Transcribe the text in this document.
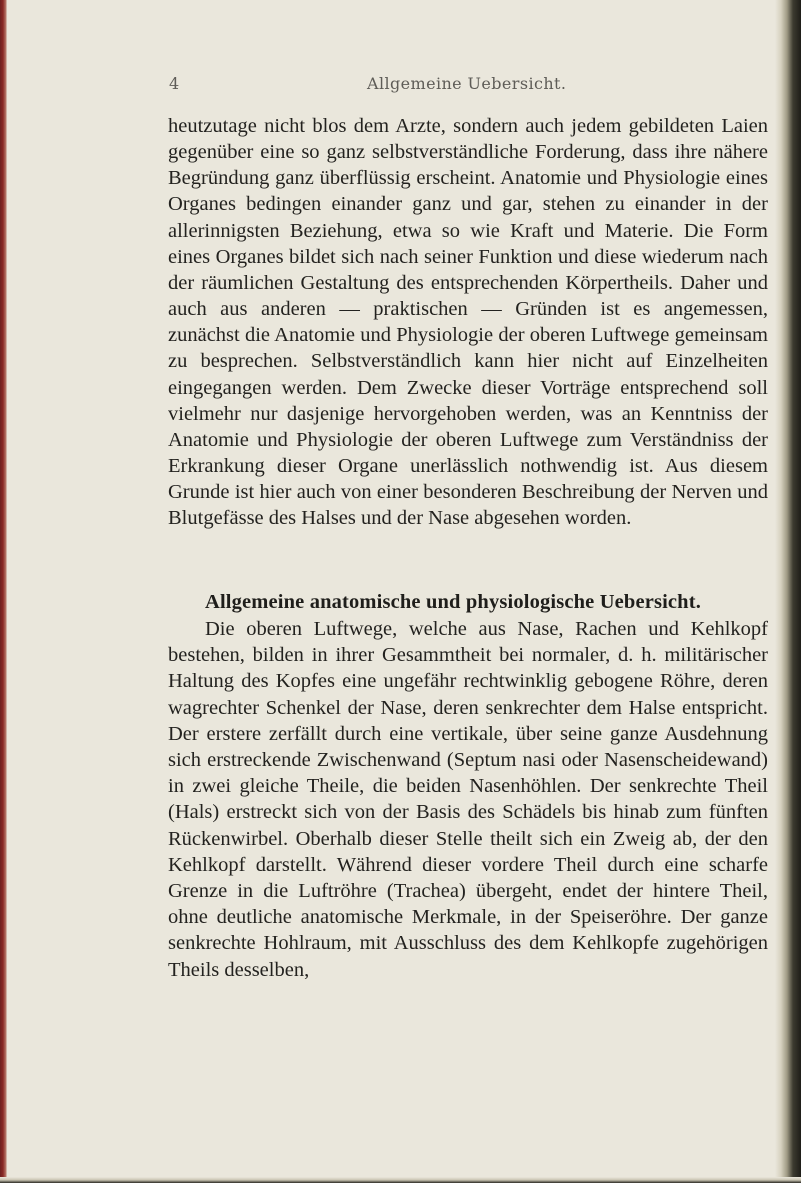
4	Allgemeine Uebersicht.

heutzutage nicht blos dem Arzte, sondern auch jedem gebildeten Laien gegenüber eine so ganz selbstverständliche Forderung, dass ihre nähere Begründung ganz überflüssig erscheint. Anatomie und Physiologie eines Organes bedingen einander ganz und gar, stehen zu einander in der allerinnigsten Beziehung, etwa so wie Kraft und Materie. Die Form eines Organes bildet sich nach seiner Funktion und diese wiederum nach der räumlichen Gestaltung des entsprechenden Körpertheils. Daher und auch aus anderen — praktischen — Gründen ist es angemessen, zunächst die Anatomie und Physiologie der oberen Luftwege gemeinsam zu besprechen. Selbstverständlich kann hier nicht auf Einzelheiten eingegangen werden. Dem Zwecke dieser Vorträge entsprechend soll vielmehr nur dasjenige hervorgehoben werden, was an Kenntniss der Anatomie und Physiologie der oberen Luftwege zum Verständniss der Erkrankung dieser Organe unerlässlich nothwendig ist. Aus diesem Grunde ist hier auch von einer besonderen Beschreibung der Nerven und Blutgefässe des Halses und der Nase abgesehen worden.

Allgemeine anatomische und physiologische Uebersicht.

Die oberen Luftwege, welche aus Nase, Rachen und Kehlkopf bestehen, bilden in ihrer Gesammtheit bei normaler, d. h. militärischer Haltung des Kopfes eine ungefähr rechtwinklig gebogene Röhre, deren wagrechter Schenkel der Nase, deren senkrechter dem Halse entspricht. Der erstere zerfällt durch eine vertikale, über seine ganze Ausdehnung sich erstreckende Zwischenwand (Septum nasi oder Nasenscheidewand) in zwei gleiche Theile, die beiden Nasenhöhlen. Der senkrechte Theil (Hals) erstreckt sich von der Basis des Schädels bis hinab zum fünften Rückenwirbel. Oberhalb dieser Stelle theilt sich ein Zweig ab, der den Kehlkopf darstellt. Während dieser vordere Theil durch eine scharfe Grenze in die Luftröhre (Trachea) übergeht, endet der hintere Theil, ohne deutliche anatomische Merkmale, in der Speiseröhre. Der ganze senkrechte Hohlraum, mit Ausschluss des dem Kehlkopfe zugehörigen Theils desselben,
